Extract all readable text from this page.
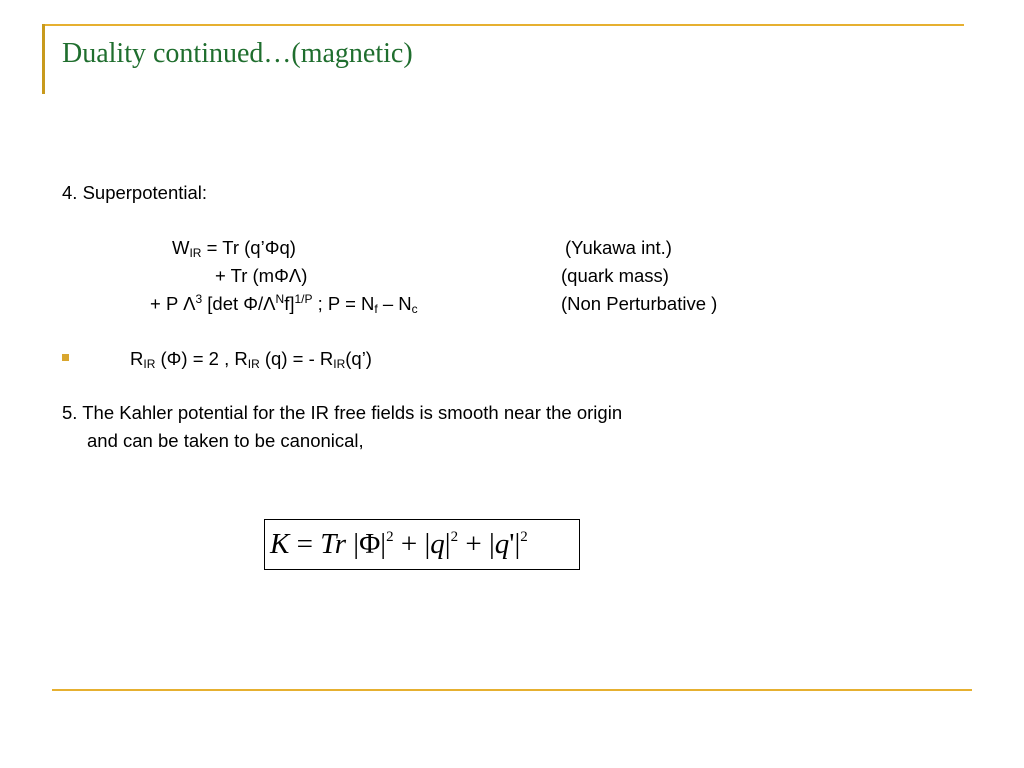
Duality continued…(magnetic)
4. Superpotential:
$W_{IR} = Tr$ (q’Φq)	(Yukawa int.)
+ Tr (mΦΛ)	(quark mass)
+ P $\Lambda^3$ [det $\Phi/\Lambda^Nf]^{1/P}$ ; $P = N_f - N_c$	(Non Perturbative )
$R_{IR}$ (Φ) = 2 , $R_{IR}$ (q) = - $R_{IR}(q’)$
5. The Kahler potential for the IR free fields is smooth near the origin
and can be taken to be canonical,
K = Tr $|\Phi|^2 + |q|^2 + |q'|^2$
